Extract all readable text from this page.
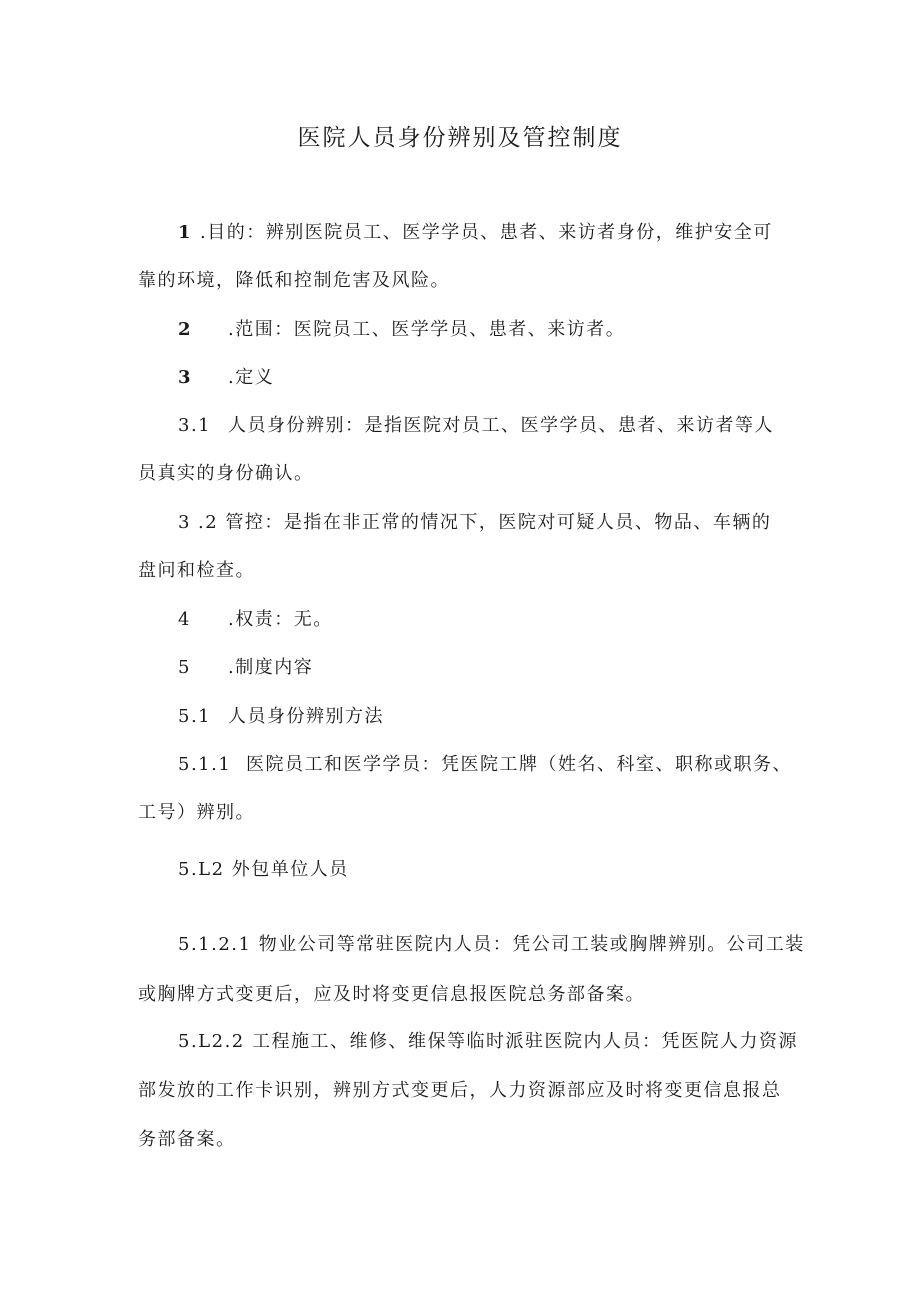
医院人员身份辨别及管控制度
1 .目的：辨别医院员工、医学学员、患者、来访者身份，维护安全可
靠的环境，降低和控制危害及风险。
2 .范围：医院员工、医学学员、患者、来访者。
3 .定义
3.1 人员身份辨别：是指医院对员工、医学学员、患者、来访者等人
员真实的身份确认。
3 .2 管控：是指在非正常的情况下，医院对可疑人员、物品、车辆的
盘问和检查。
4 .权责：无。
5 .制度内容
5.1 人员身份辨别方法
5.1.1 医院员工和医学学员：凭医院工牌（姓名、科室、职称或职务、
工号）辨别。
5.L2 外包单位人员
5.1.2.1 物业公司等常驻医院内人员：凭公司工装或胸牌辨别。公司工装
或胸牌方式变更后，应及时将变更信息报医院总务部备案。
5.L2.2 工程施工、维修、维保等临时派驻医院内人员：凭医院人力资源
部发放的工作卡识别，辨别方式变更后，人力资源部应及时将变更信息报总
务部备案。
